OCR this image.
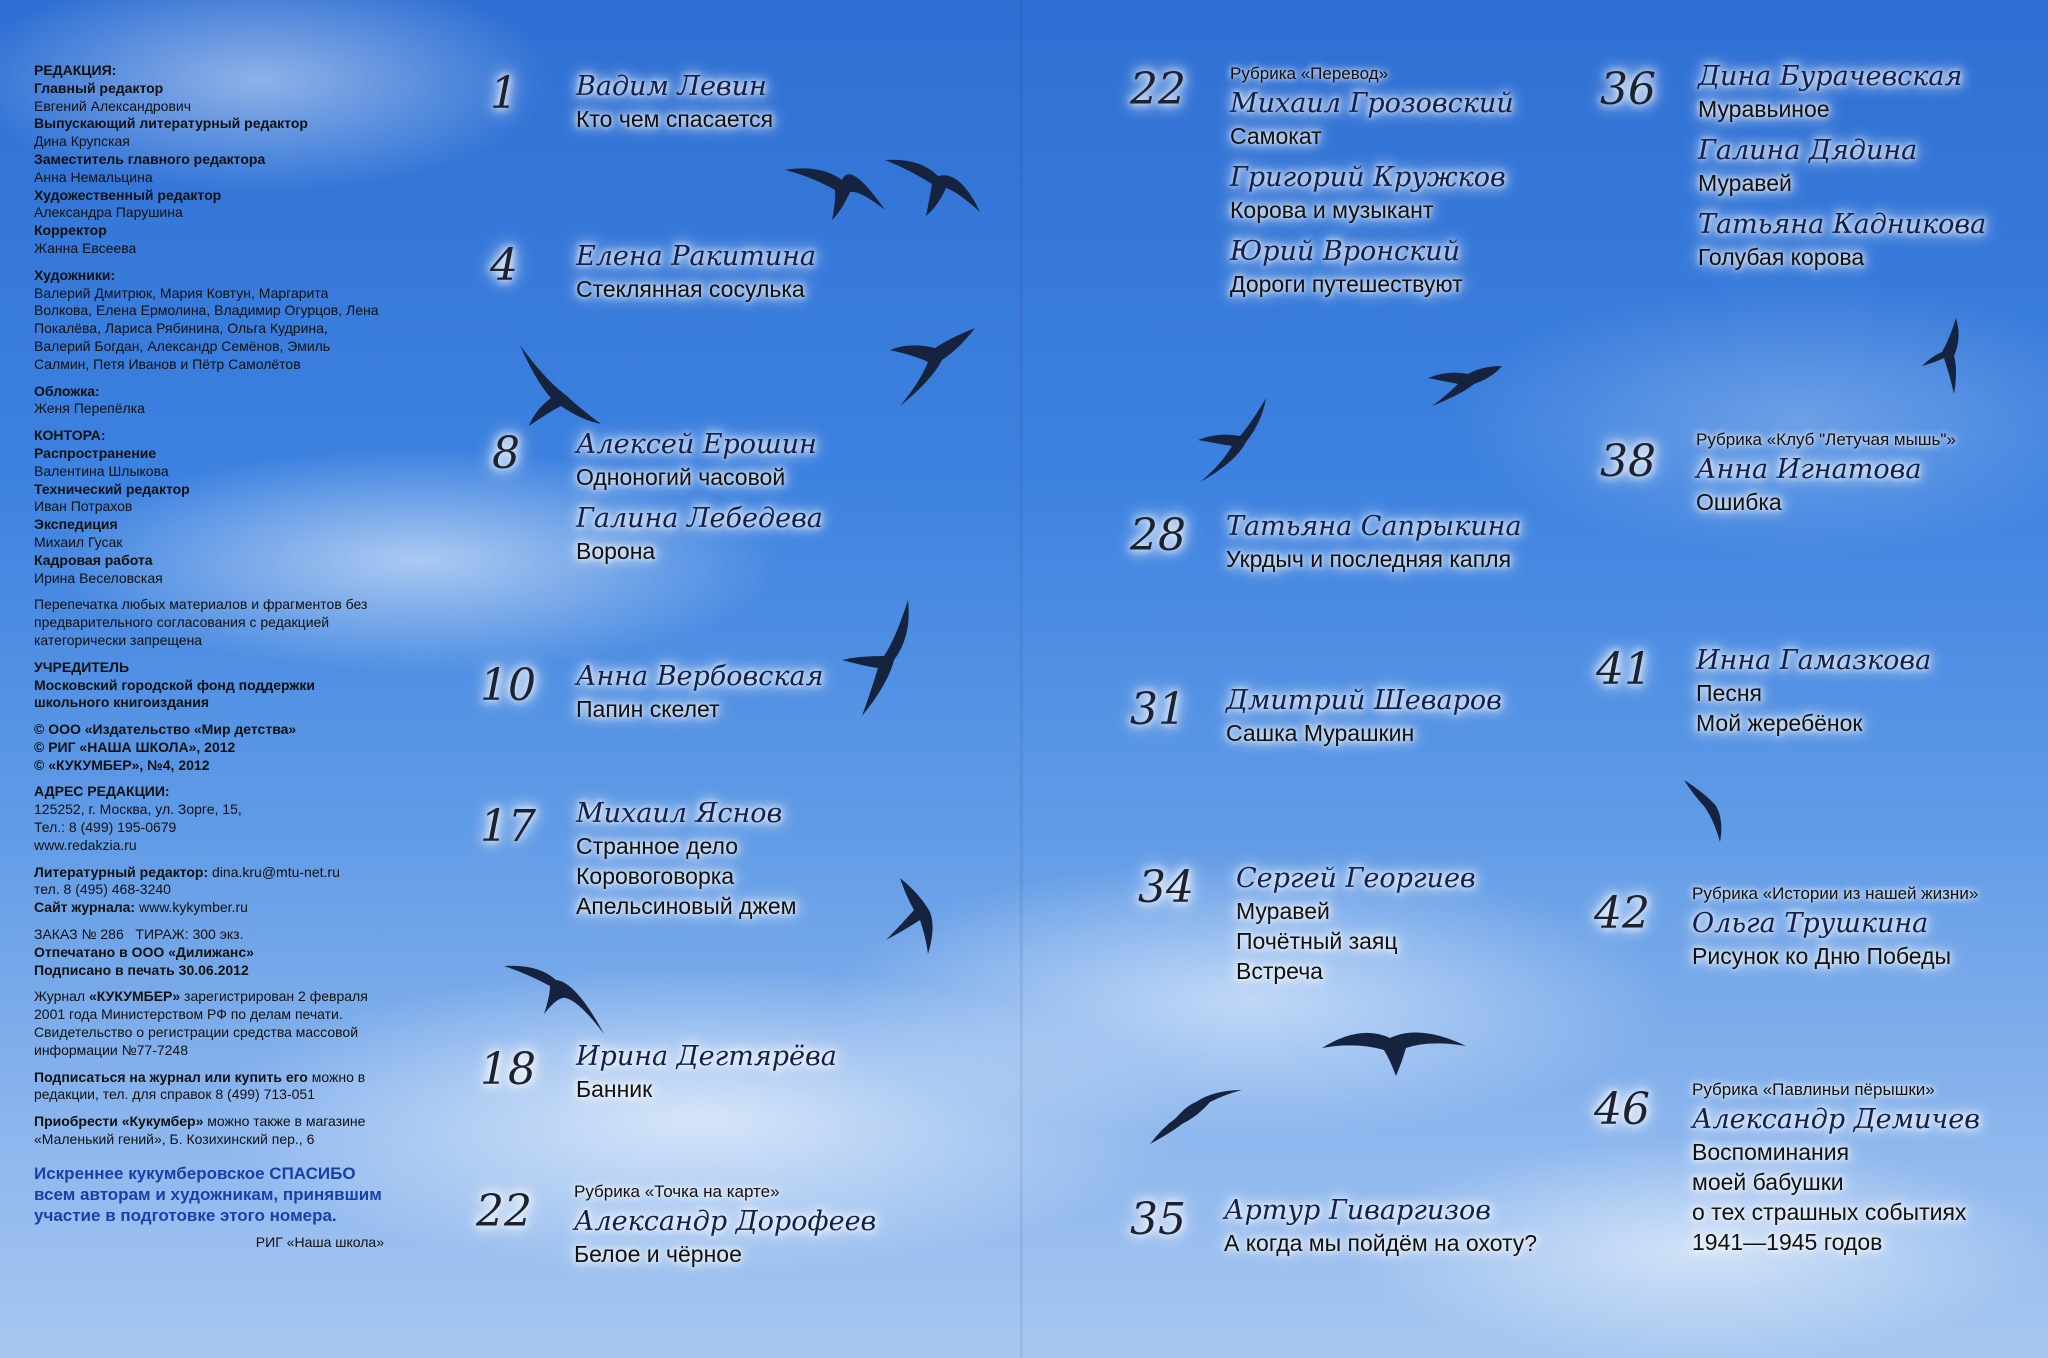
РЕДАКЦИЯ:
Главный редактор
Евгений Александрович
Выпускающий литературный редактор
Дина Крупская
Заместитель главного редактора
Анна Немальцина
Художественный редактор
Александра Парушина
Корректор
Жанна Евсеева
Художники:
Валерий Дмитрюк, Мария Ковтун, Маргарита Волкова, Елена Ермолина, Владимир Огурцов, Лена Покалёва, Лариса Рябинина, Ольга Кудрина, Валерий Богдан, Александр Семёнов, Эмиль Салмин, Петя Иванов и Пётр Самолётов
Обложка:
Женя Перепёлка
КОНТОРА:
Распространение
Валентина Шлыкова
Технический редактор
Иван Потрахов
Экспедиция
Михаил Гусак
Кадровая работа
Ирина Веселовская
Перепечатка любых материалов и фрагментов без предварительного согласования с редакцией категорически запрещена
УЧРЕДИТЕЛЬ
Московский городской фонд поддержки школьного книгоиздания
© ООО «Издательство «Мир детства»
© РИГ «НАША ШКОЛА», 2012
© «КУКУМБЕР», №4, 2012
АДРЕС РЕДАКЦИИ:
125252, г. Москва, ул. Зорге, 15,
Тел.: 8 (499) 195-0679
www.redakzia.ru
Литературный редактор: dina.kru@mtu-net.ru
тел. 8 (495) 468-3240
Сайт журнала: www.kykymber.ru
ЗАКАЗ № 286   ТИРАЖ: 300 экз.
Отпечатано в ООО «Дилижанс»
Подписано в печать 30.06.2012
Журнал «КУКУМБЕР» зарегистрирован 2 февраля 2001 года Министерством РФ по делам печати. Свидетельство о регистрации средства массовой информации №77-7248
Подписаться на журнал или купить его можно в редакции, тел. для справок 8 (499) 713-051
Приобрести «Кукумбер» можно также в магазине «Маленький гений», Б. Козихинский пер., 6
Искреннее кукумберовское СПАСИБО всем авторам и художникам, принявшим участие в подготовке этого номера.
РИГ «Наша школа»
1 Вадим Левин
Кто чем спасается
4 Елена Ракитина
Стеклянная сосулька
8 Алексей Ерошин
Одноногий часовой
Галина Лебедева
Ворона
10 Анна Вербовская
Папин скелет
17 Михаил Яснов
Странное дело
Коровоговорка
Апельсиновый джем
18 Ирина Дегтярёва
Банник
22 Рубрика «Точка на карте»
Александр Дорофеев
Белое и чёрное
22	Рубрика «Перевод»
Михаил Грозовский
Самокат
Григорий Кружков
Корова и музыкант
Юрий Вронский
Дороги путешествуют
28 Татьяна Сапрыкина
Укрдыч и последняя капля
31 Дмитрий Шеваров
Сашка Мурашкин
34 Сергей Георгиев
Муравей
Почётный заяц
Встреча
35 Артур Гиваргизов
А когда мы пойдём на охоту?
36 Дина Бурачевская
Муравьиное
Галина Дядина
Муравей
Татьяна Кадникова
Голубая корова
38 Рубрика «Клуб "Летучая мышь"»
Анна Игнатова
Ошибка
41 Инна Гамазкова
Песня
Мой жеребёнок
42 Рубрика «Истории из нашей жизни»
Ольга Трушкина
Рисунок ко Дню Победы
46 Рубрика «Павлиньи пёрышки»
Александр Демичев
Воспоминания
моей бабушки
о тех страшных событиях
1941—1945 годов
